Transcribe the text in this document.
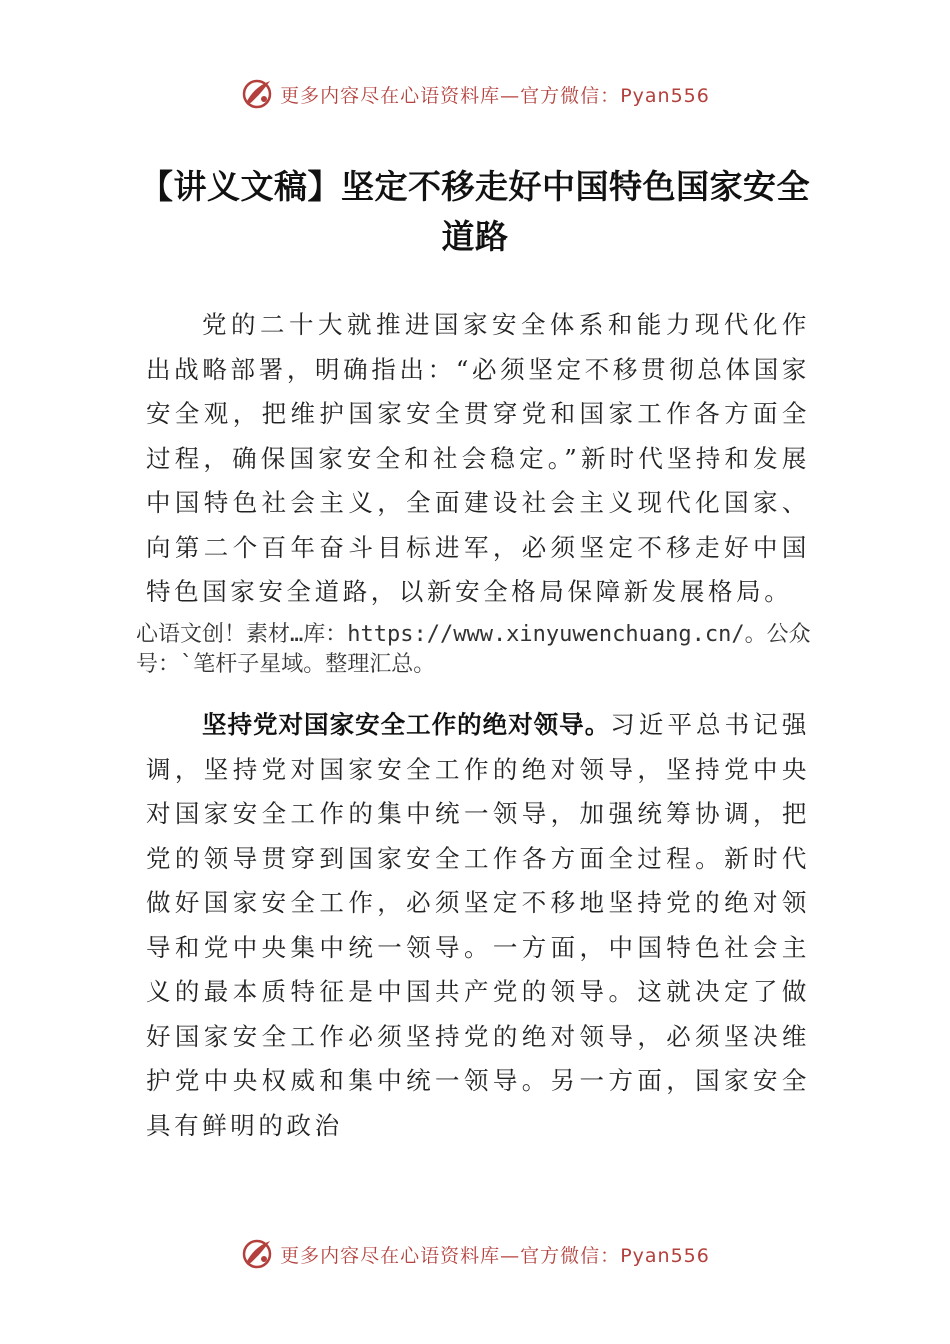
更多内容尽在心语资料库—官方微信：Pyan556
【讲义文稿】坚定不移走好中国特色国家安全道路

党的二十大就推进国家安全体系和能力现代化作出战略部署，明确指出：“必须坚定不移贯彻总体国家安全观，把维护国家安全贯穿党和国家工作各方面全过程，确保国家安全和社会稳定。”新时代坚持和发展中国特色社会主义，全面建设社会主义现代化国家、向第二个百年奋斗目标进军，必须坚定不移走好中国特色国家安全道路，以新安全格局保障新发展格局。

心语文创！素材…库：https://www.xinyuwenchuang.cn/。公众号：`笔杆子星域。整理汇总。

坚持党对国家安全工作的绝对领导。习近平总书记强调，坚持党对国家安全工作的绝对领导，坚持党中央对国家安全工作的集中统一领导，加强统筹协调，把党的领导贯穿到国家安全工作各方面全过程。新时代做好国家安全工作，必须坚定不移地坚持党的绝对领导和党中央集中统一领导。一方面，中国特色社会主义的最本质特征是中国共产党的领导。这就决定了做好国家安全工作必须坚持党的绝对领导，必须坚决维护党中央权威和集中统一领导。另一方面，国家安全具有鲜明的政治

更多内容尽在心语资料库—官方微信：Pyan556
